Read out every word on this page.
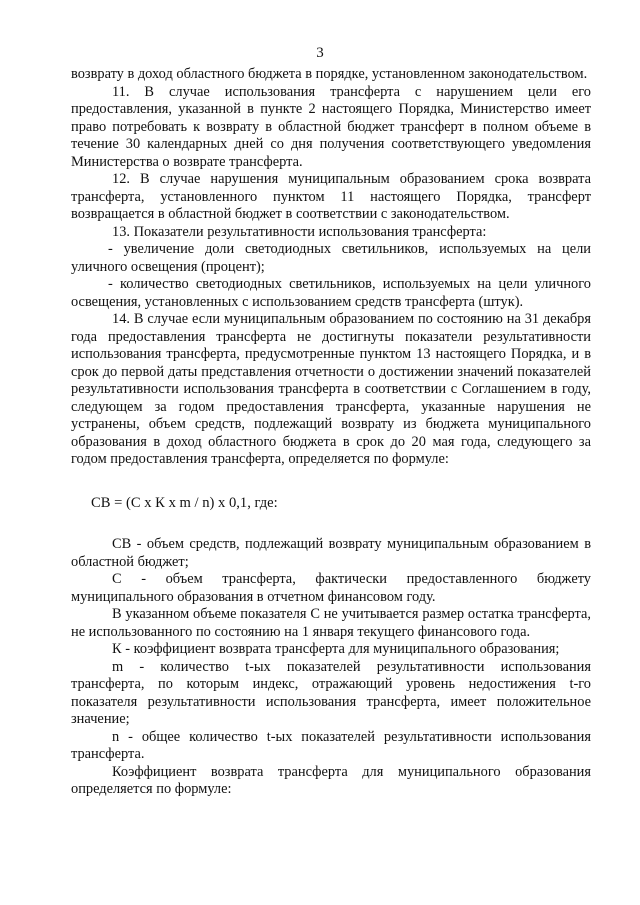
3

возврату в доход областного бюджета в порядке, установленном законодательством.

11. В случае использования трансферта с нарушением цели его предоставления, указанной в пункте 2 настоящего Порядка, Министерство имеет право потребовать к возврату в областной бюджет трансферт в полном объеме в течение 30 календарных дней со дня получения соответствующего уведомления Министерства о возврате трансферта.

12. В случае нарушения муниципальным образованием срока возврата трансферта, установленного пунктом 11 настоящего Порядка, трансферт возвращается в областной бюджет в соответствии с законодательством.

13. Показатели результативности использования трансферта:

- увеличение доли светодиодных светильников, используемых на цели уличного освещения (процент);

- количество светодиодных светильников, используемых на цели уличного освещения, установленных с использованием средств трансферта (штук).

14. В случае если муниципальным образованием по состоянию на 31 декабря года предоставления трансферта не достигнуты показатели результативности использования трансферта, предусмотренные пунктом 13 настоящего Порядка, и в срок до первой даты представления отчетности о достижении значений показателей результативности использования трансферта в соответствии с Соглашением в году, следующем за годом предоставления трансферта, указанные нарушения не устранены, объем средств, подлежащий возврату из бюджета муниципального образования в доход областного бюджета в срок до 20 мая года, следующего за годом предоставления трансферта, определяется по формуле:

СВ = (С х К х m / n) х 0,1, где:

СВ - объем средств, подлежащий возврату муниципальным образованием в областной бюджет;

С - объем трансферта, фактически предоставленного бюджету муниципального образования в отчетном финансовом году.

В указанном объеме показателя С не учитывается размер остатка трансферта, не использованного по состоянию на 1 января текущего финансового года.

К - коэффициент возврата трансферта для муниципального образования;

m - количество t-ых показателей результативности использования трансферта, по которым индекс, отражающий уровень недостижения t-го показателя результативности использования трансферта, имеет положительное значение;

n - общее количество t-ых показателей результативности использования трансферта.

Коэффициент возврата трансферта для муниципального образования определяется по формуле:
